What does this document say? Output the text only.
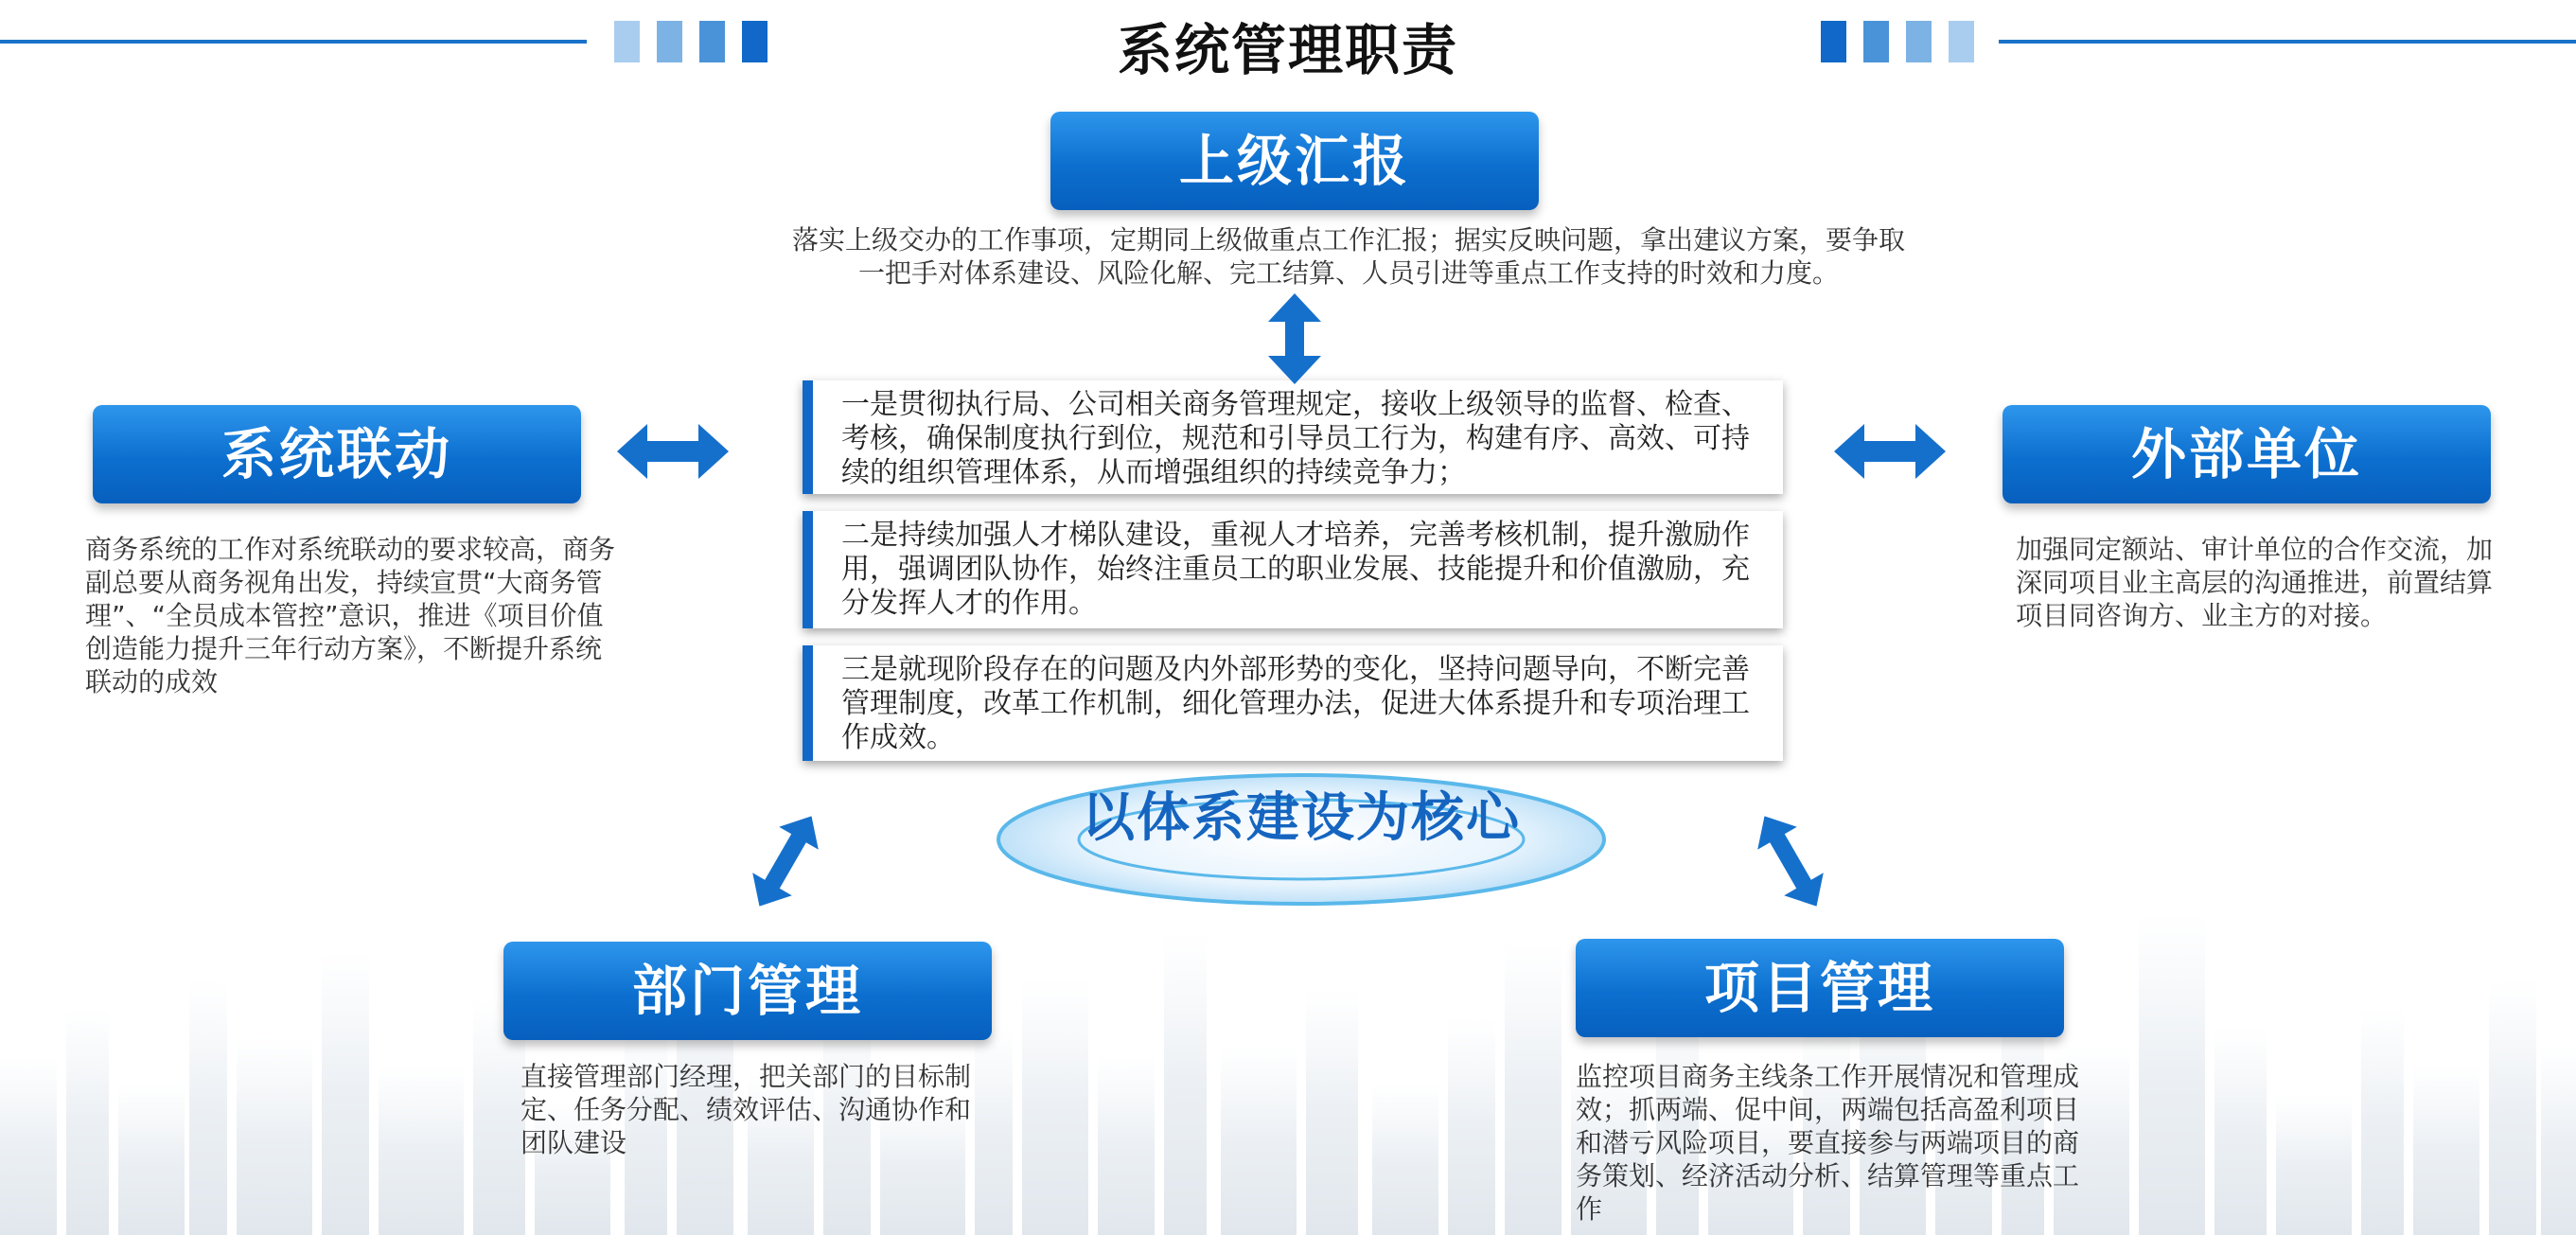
系统管理职责
上级汇报
落实上级交办的工作事项，定期同上级做重点工作汇报；据实反映问题，拿出建议方案，要争取一把手对体系建设、风险化解、完工结算、人员引进等重点工作支持的时效和力度。
系统联动
商务系统的工作对系统联动的要求较高，商务副总要从商务视角出发，持续宣贯“大商务管理”、“全员成本管控”意识，推进《项目价值创造能力提升三年行动方案》，不断提升系统联动的成效
外部单位
加强同定额站、审计单位的合作交流，加深同项目业主高层的沟通推进，前置结算项目同咨询方、业主方的对接。
部门管理
直接管理部门经理，把关部门的目标制定、任务分配、绩效评估、沟通协作和团队建设
项目管理
监控项目商务主线条工作开展情况和管理成效；抓两端、促中间，两端包括高盈利项目和潜亏风险项目，要直接参与两端项目的商务策划、经济活动分析、结算管理等重点工作
一是贯彻执行局、公司相关商务管理规定，接收上级领导的监督、检查、考核，确保制度执行到位，规范和引导员工行为，构建有序、高效、可持续的组织管理体系，从而增强组织的持续竞争力；
二是持续加强人才梯队建设，重视人才培养，完善考核机制，提升激励作用，强调团队协作，始终注重员工的职业发展、技能提升和价值激励，充分发挥人才的作用。
三是就现阶段存在的问题及内外部形势的变化，坚持问题导向，不断完善管理制度，改革工作机制，细化管理办法，促进大体系提升和专项治理工作成效。
以体系建设为核心
